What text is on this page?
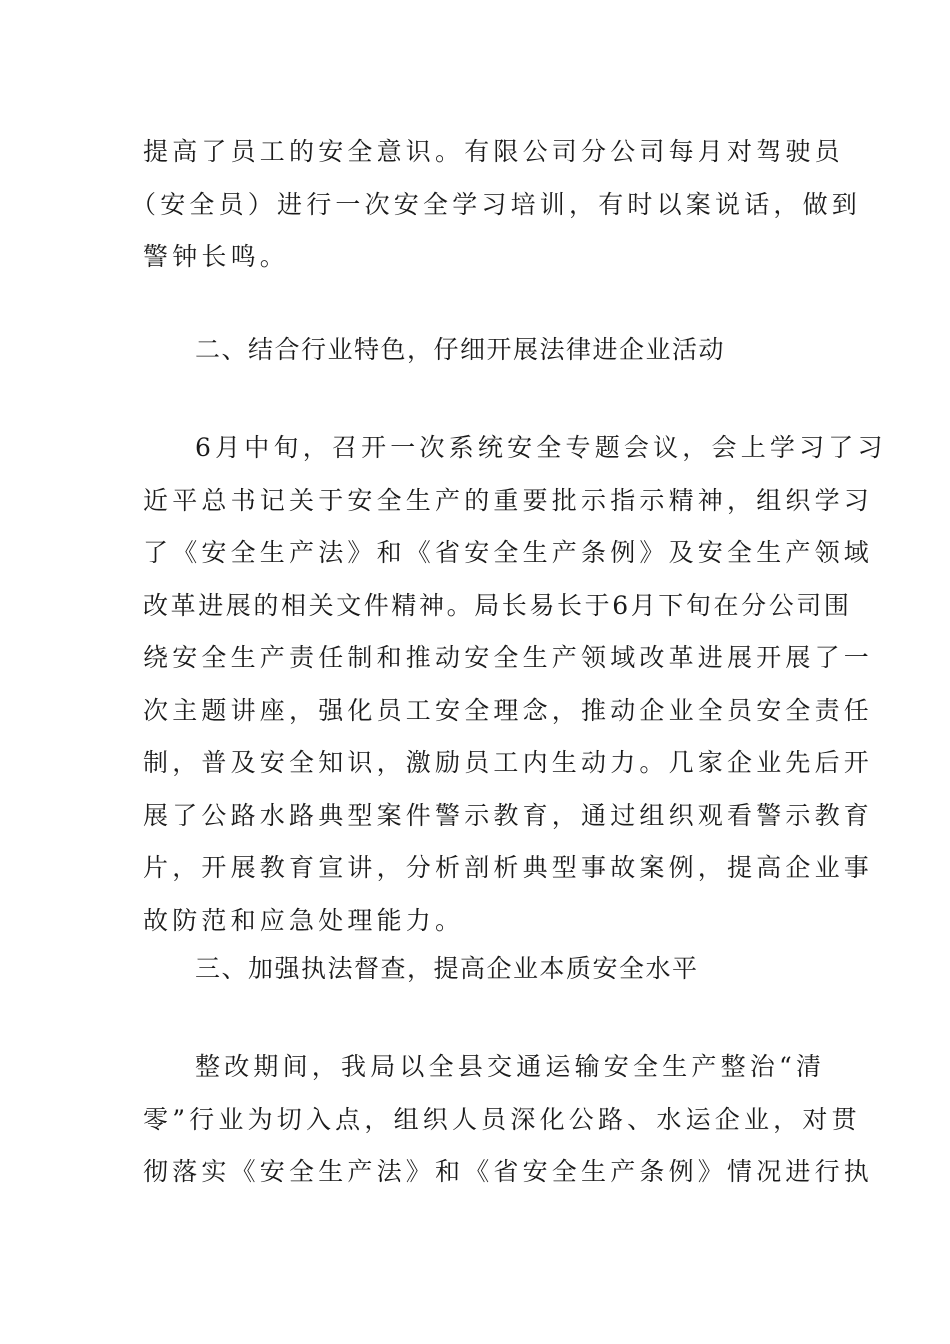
提高了员工的安全意识。有限公司分公司每月对驾驶员
（安全员）进行一次安全学习培训，有时以案说话，做到
警钟长鸣。
二、结合行业特色，仔细开展法律进企业活动
6月中旬，召开一次系统安全专题会议，会上学习了习
近平总书记关于安全生产的重要批示指示精神，组织学习
了《安全生产法》和《省安全生产条例》及安全生产领域
改革进展的相关文件精神。局长易长于6月下旬在分公司围
绕安全生产责任制和推动安全生产领域改革进展开展了一
次主题讲座，强化员工安全理念，推动企业全员安全责任
制，普及安全知识，激励员工内生动力。几家企业先后开
展了公路水路典型案件警示教育，通过组织观看警示教育
片，开展教育宣讲，分析剖析典型事故案例，提高企业事
故防范和应急处理能力。
三、加强执法督查，提高企业本质安全水平
整改期间，我局以全县交通运输安全生产整治“清
零”行业为切入点，组织人员深化公路、水运企业，对贯
彻落实《安全生产法》和《省安全生产条例》情况进行执
